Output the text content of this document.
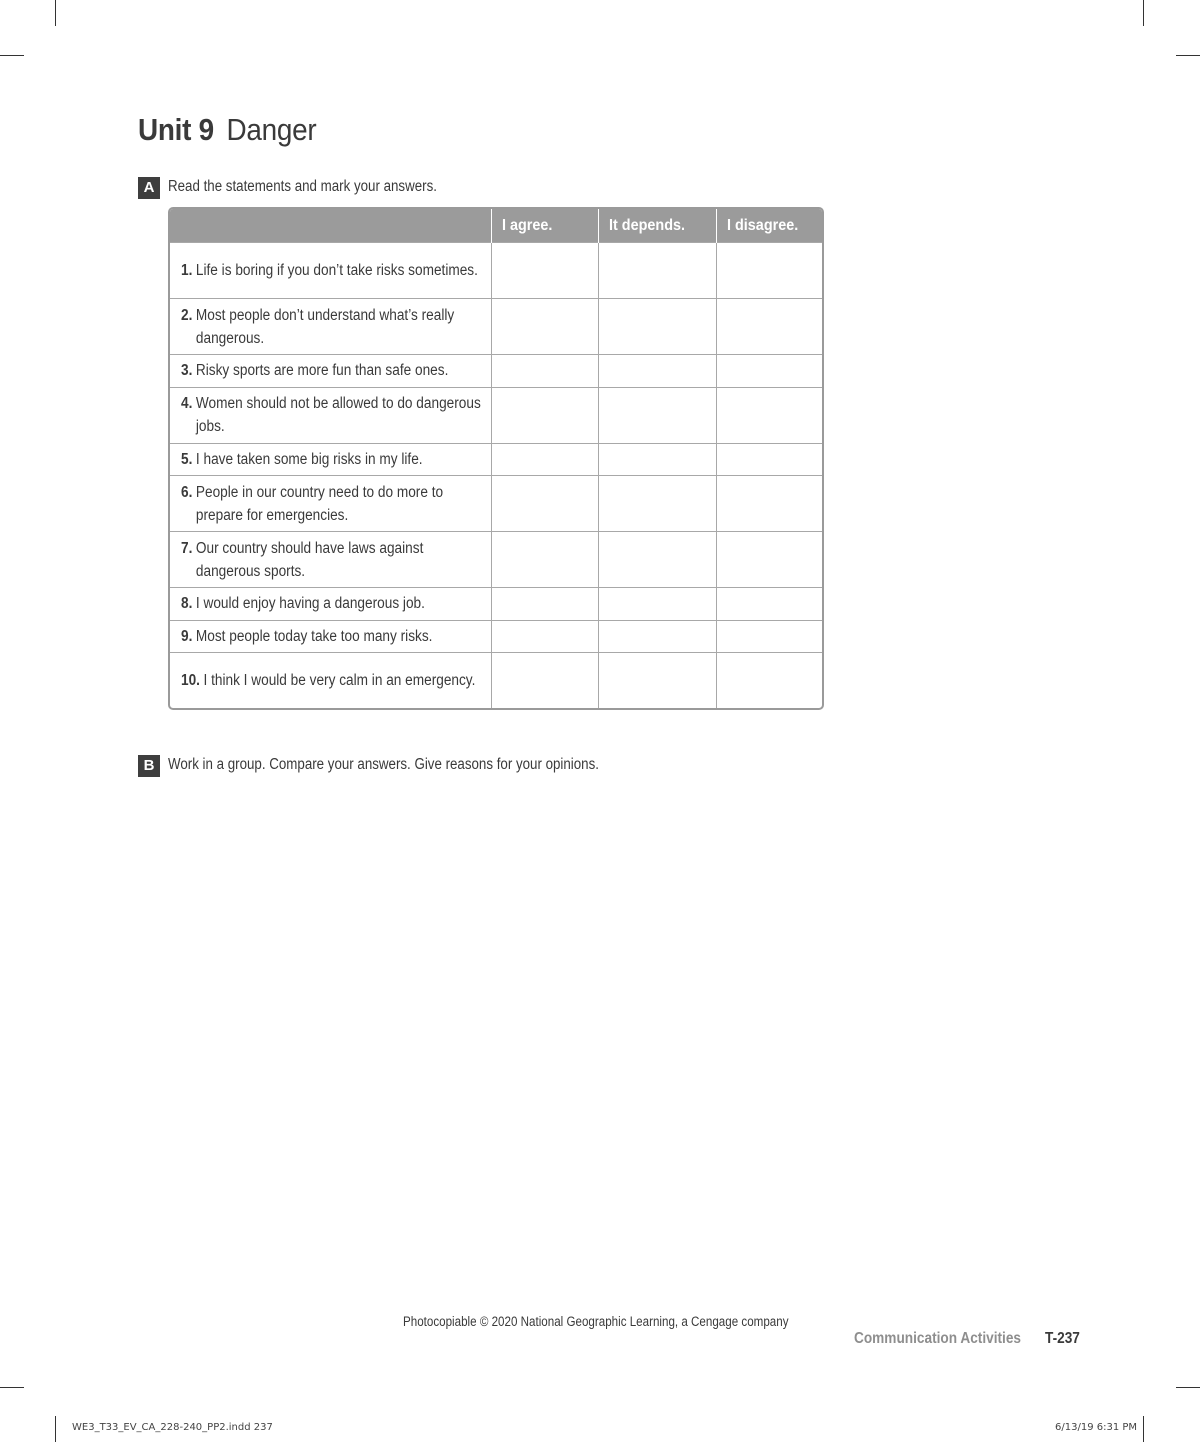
Unit 9 Danger
A Read the statements and mark your answers.
	I agree.	It depends.	I disagree.

1. Life is boring if you don’t take risks sometimes.			

2. Most people don’t understand what’s really dangerous.			

3. Risky sports are more fun than safe ones.			

4. Women should not be allowed to do dangerous jobs.			

5. I have taken some big risks in my life.			

6. People in our country need to do more to prepare for emergencies.			

7. Our country should have laws against dangerous sports.			

8. I would enjoy having a dangerous job.			

9. Most people today take too many risks.			

10. I think I would be very calm in an emergency.			

B Work in a group. Compare your answers. Give reasons for your opinions.
Photocopiable © 2020 National Geographic Learning, a Cengage company
Communication Activities T-237
WE3_T33_EV_CA_228-240_PP2.indd 237	6/13/19 6:31 PM
